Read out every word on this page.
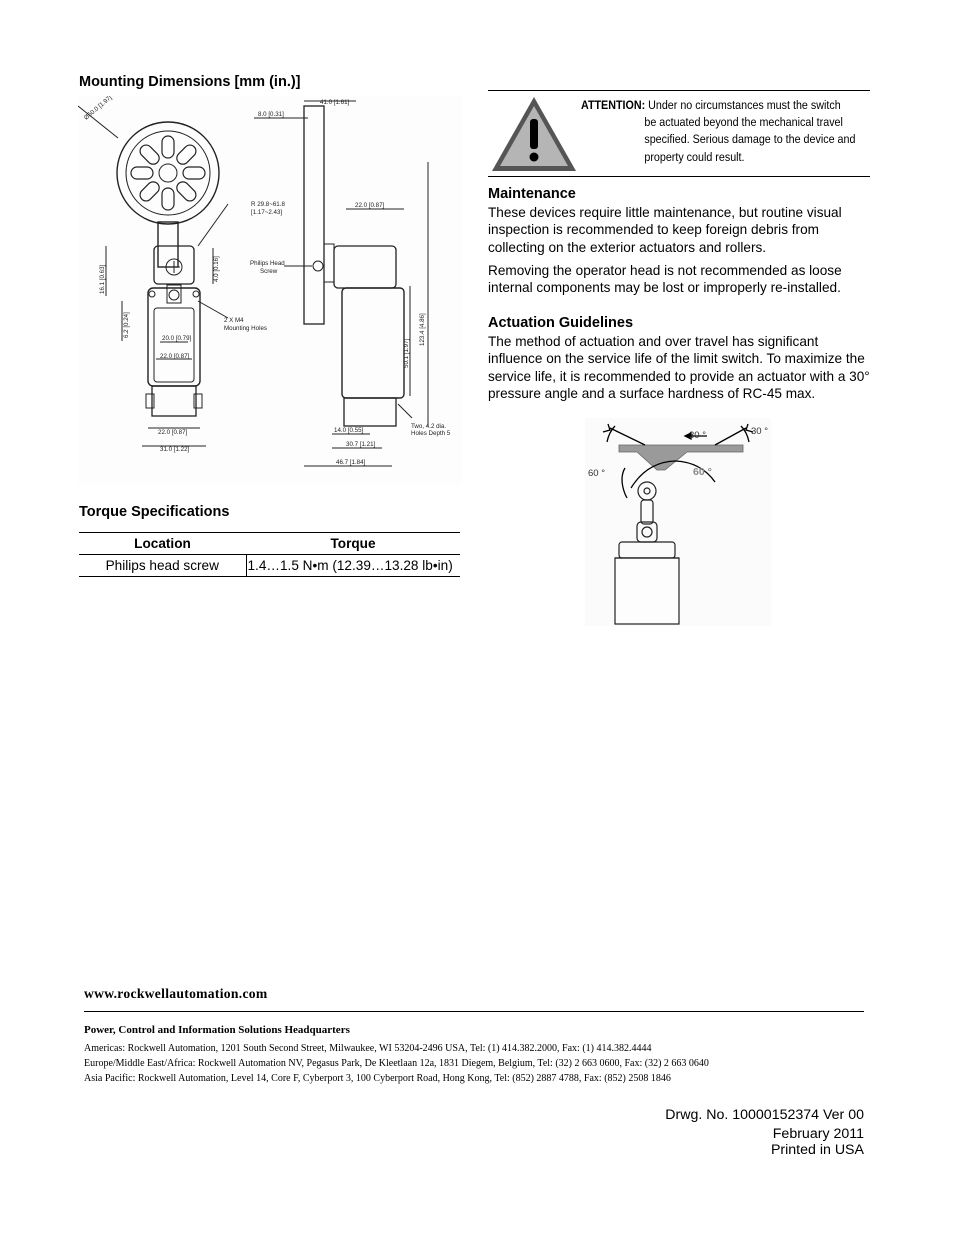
Mounting Dimensions [mm (in.)]
Ø50.0 [1.97]	41.0 [1.61]
8.0 [0.31]
R 29.8~61.8
[1.17~2.43]
22.0 [0.87]
Philips Head
Screw
16.1 [0.63]	4.0 [0.16]
6.2 [0.24]	2 X M4
Mounting Holes
20.0 [0.79]
22.0 [0.87]
123.4 [4.86]
50.1 [1.97]
22.0 [0.87]
31.0 [1.22]
14.0 [0.55]
30.7 [1.21]
46.7 [1.84]
Two, 4.2 dia.
Holes Depth 5
Torque Specifications
Location	Torque
Philips head screw	1.4…1.5 N•m (12.39…13.28 lb•in)
ATTENTION: Under no circumstances must the switch
be actuated beyond the mechanical travel specified. Serious damage to the device and property could result.
Maintenance
These devices require little maintenance, but routine visual inspection is recommended to keep foreign debris from collecting on the exterior actuators and rollers.
Removing the operator head is not recommended as loose internal components may be lost or improperly re-installed.
Actuation Guidelines
The method of actuation and over travel has significant influence on the service life of the limit switch. To maximize the service life, it is recommended to provide an actuator with a 30° pressure angle and a surface hardness of RC-45 max.
60 °	60 °
30 °	30 °
www.rockwellautomation.com
Power, Control and Information Solutions Headquarters
Americas: Rockwell Automation, 1201 South Second Street, Milwaukee, WI 53204-2496 USA, Tel: (1) 414.382.2000, Fax: (1) 414.382.4444
Europe/Middle East/Africa: Rockwell Automation NV, Pegasus Park, De Kleetlaan 12a, 1831 Diegem, Belgium, Tel: (32) 2 663 0600, Fax: (32) 2 663 0640
Asia Pacific: Rockwell Automation, Level 14, Core F, Cyberport 3, 100 Cyberport Road, Hong Kong, Tel: (852) 2887 4788, Fax: (852) 2508 1846
Drwg. No. 10000152374 Ver 00
February 2011
Printed in USA
